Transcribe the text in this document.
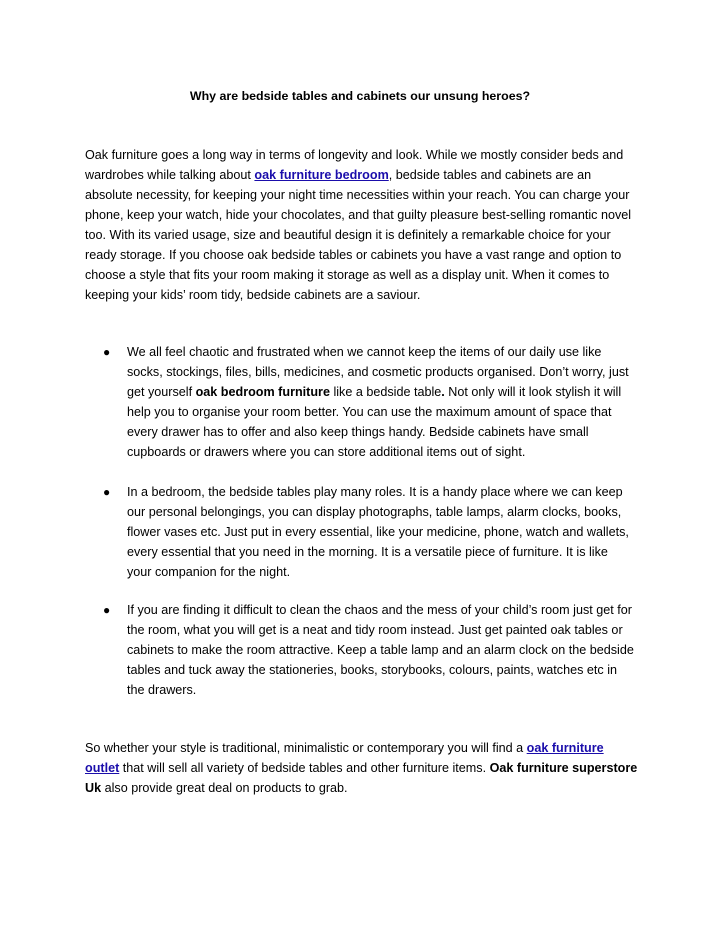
Why are bedside tables and cabinets our unsung heroes?

Oak furniture goes a long way in terms of longevity and look. While we mostly consider beds and wardrobes while talking about oak furniture bedroom, bedside tables and cabinets are an absolute necessity, for keeping your night time necessities within your reach. You can charge your phone, keep your watch, hide your chocolates, and that guilty pleasure best-selling romantic novel too. With its varied usage, size and beautiful design it is definitely a remarkable choice for your ready storage. If you choose oak bedside tables or cabinets you have a vast range and option to choose a style that fits your room making it storage as well as a display unit. When it comes to keeping your kids’ room tidy, bedside cabinets are a saviour.

● We all feel chaotic and frustrated when we cannot keep the items of our daily use like socks, stockings, files, bills, medicines, and cosmetic products organised. Don’t worry, just get yourself oak bedroom furniture like a bedside table. Not only will it look stylish it will help you to organise your room better. You can use the maximum amount of space that every drawer has to offer and also keep things handy. Bedside cabinets have small cupboards or drawers where you can store additional items out of sight.
● In a bedroom, the bedside tables play many roles. It is a handy place where we can keep our personal belongings, you can display photographs, table lamps, alarm clocks, books, flower vases etc. Just put in every essential, like your medicine, phone, watch and wallets, every essential that you need in the morning. It is a versatile piece of furniture. It is like your companion for the night.
● If you are finding it difficult to clean the chaos and the mess of your child’s room just get for the room, what you will get is a neat and tidy room instead. Just get painted oak tables or cabinets to make the room attractive. Keep a table lamp and an alarm clock on the bedside tables and tuck away the stationeries, books, storybooks, colours, paints, watches etc in the drawers.

So whether your style is traditional, minimalistic or contemporary you will find a oak furniture outlet that will sell all variety of bedside tables and other furniture items. Oak furniture superstore Uk also provide great deal on products to grab.
